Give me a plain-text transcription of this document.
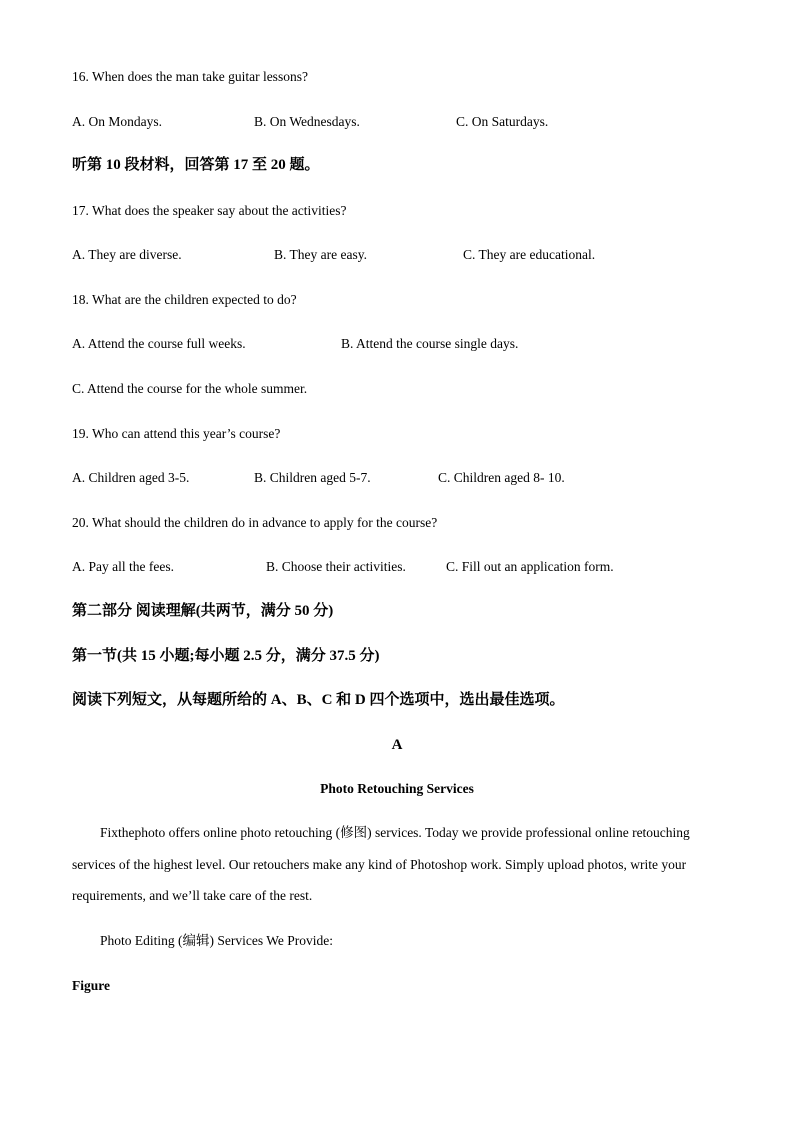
16. When does the man take guitar lessons?
A. On Mondays.	B. On Wednesdays.	C. On Saturdays.
听第 10 段材料，回答第 17 至 20 题。
17. What does the speaker say about the activities?
A. They are diverse.	B. They are easy.	C. They are educational.
18. What are the children expected to do?
A. Attend the course full weeks.	B. Attend the course single days.
C. Attend the course for the whole summer.
19. Who can attend this year’s course?
A. Children aged 3-5.	B. Children aged 5-7.	C. Children aged 8- 10.
20. What should the children do in advance to apply for the course?
A. Pay all the fees.	B. Choose their activities.	C. Fill out an application form.
第二部分 阅读理解(共两节，满分 50 分)
第一节(共 15 小题;每小题 2.5 分，满分 37.5 分)
阅读下列短文，从每题所给的 A、B、C 和 D 四个选项中，选出最佳选项。
A
Photo Retouching Services
Fixthephoto offers online photo retouching (修图) services. Today we provide professional online retouching services of the highest level. Our retouchers make any kind of Photoshop work. Simply upload photos, write your requirements, and we’ll take care of the rest.
Photo Editing (编辑) Services We Provide:
Figure
